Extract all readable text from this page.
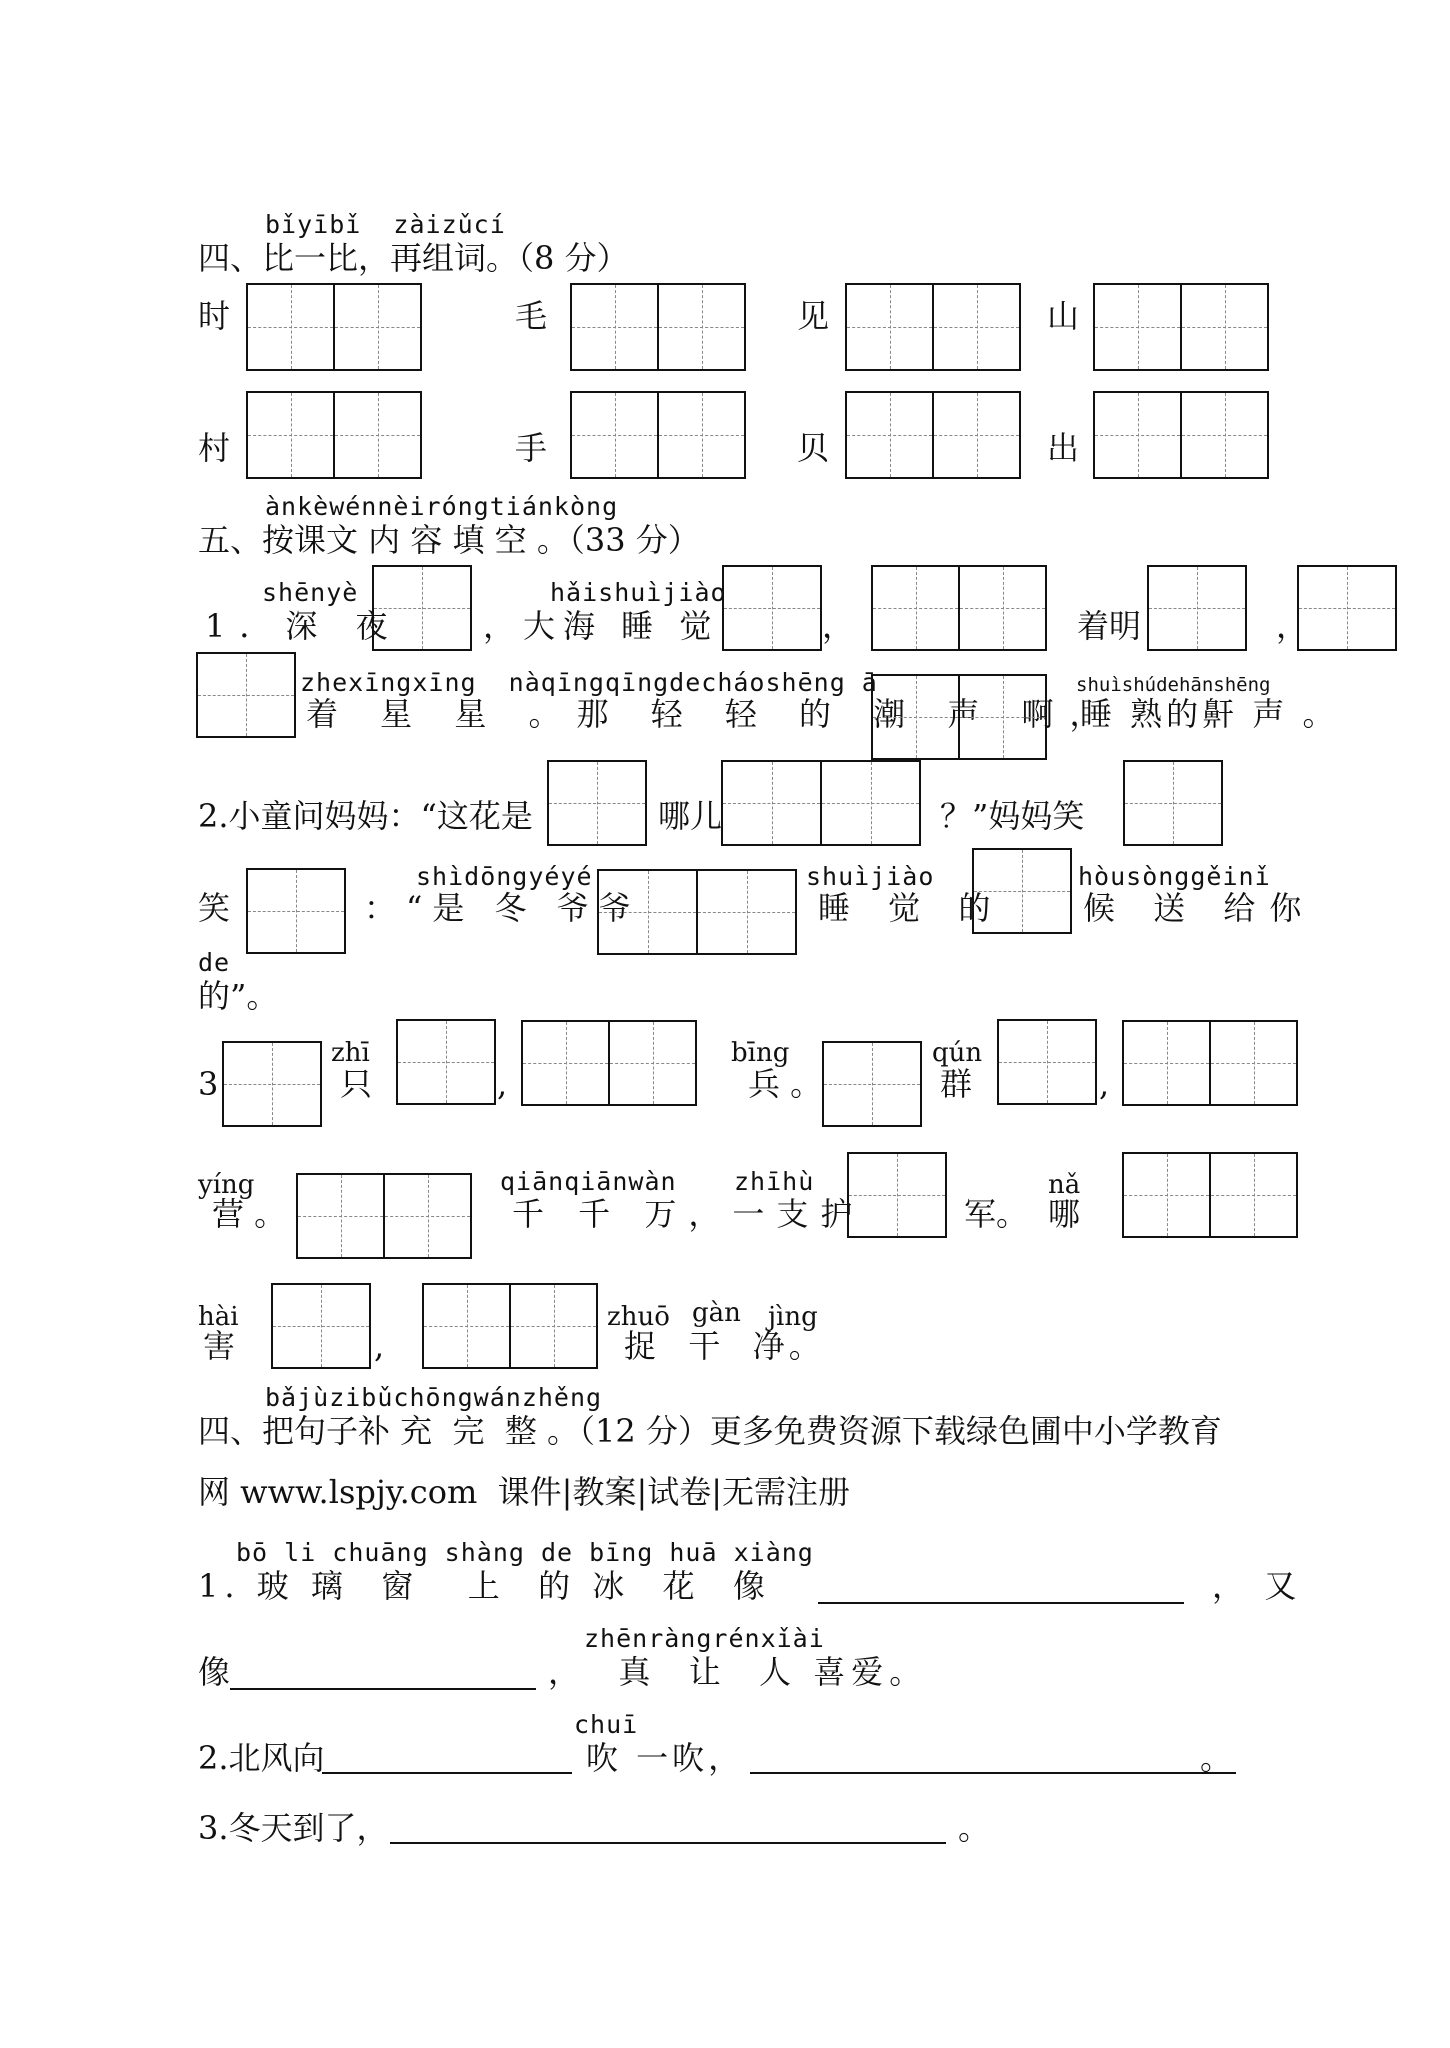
bǐyībǐ  zàizǔcí
四、比一比，再组词。（8 分）
时	毛	见	山
村	手	贝	出
ànkèwénnèiróngtiánkòng
五、按课文 内 容 填 空 。（33 分）
shēnyè	hǎishuìjiào
1．深 夜	，大海 睡 觉	，	着明	，
zhexīngxīng  nàqīngqīngdecháoshēng ā	shuìshúdehānshēng
着 星 星 。那 轻 轻 的 潮 声 啊，
睡 熟的鼾 声 。
2.小童问妈妈：“这花是	哪儿	？”妈妈笑
笑
shìdōngyéyé
：“是 冬 爷爷
shuìjiào
睡 觉 的
hòusònggěinǐ
候 送 给你
de
的”。
3
zhī
只	,
bīng
兵 。
qún
群	,
yíng
营 。
qiānqiānwàn zhīhù
千 千 万，一支护	军。
nǎ
哪
hài
害	,
zhuō gàn jìng
捉  干  净。
bǎjùzibǔchōngwánzhěng
四、把句子补 充  完  整 。（12 分）更多免费资源下载绿色圃中小学教育
网 www.lspjy.com  课件|教案|试卷|无需注册
bō li chuāng shàng de bīng huā xiàng
1. 玻 璃  窗   上  的 冰  花  像	，  又
像
zhēnràngrénxǐài
，  真  让  人 喜爱。
chuī
2.北风向	吹 一吹，	。
3.冬天到了，	。
